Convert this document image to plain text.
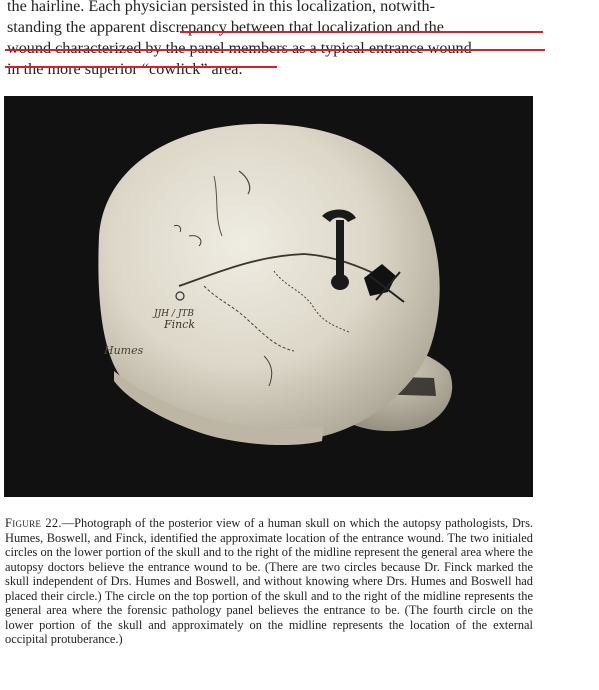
the hairline. Each physician persisted in this localization, notwith-
standing the apparent discrepancy between that localization and the
wound characterized by the panel members as a typical entrance wound
in the more superior “cowlick” area.
Finck
JJH / JTB
Humes
Figure 22.—Photograph of the posterior view of a human skull on which the autopsy pathologists, Drs. Humes, Boswell, and Finck, identified the approximate location of the entrance wound. The two initialed circles on the lower portion of the skull and to the right of the midline represent the general area where the autopsy doctors believe the entrance wound to be. (There are two circles because Dr. Finck marked the skull independent of Drs. Humes and Boswell, and without knowing where Drs. Humes and Boswell had placed their circle.) The circle on the top portion of the skull and to the right of the midline represents the general area where the forensic pathology panel believes the entrance to be. (The fourth circle on the lower portion of the skull and approximately on the midline represents the location of the external occipital protuberance.)
